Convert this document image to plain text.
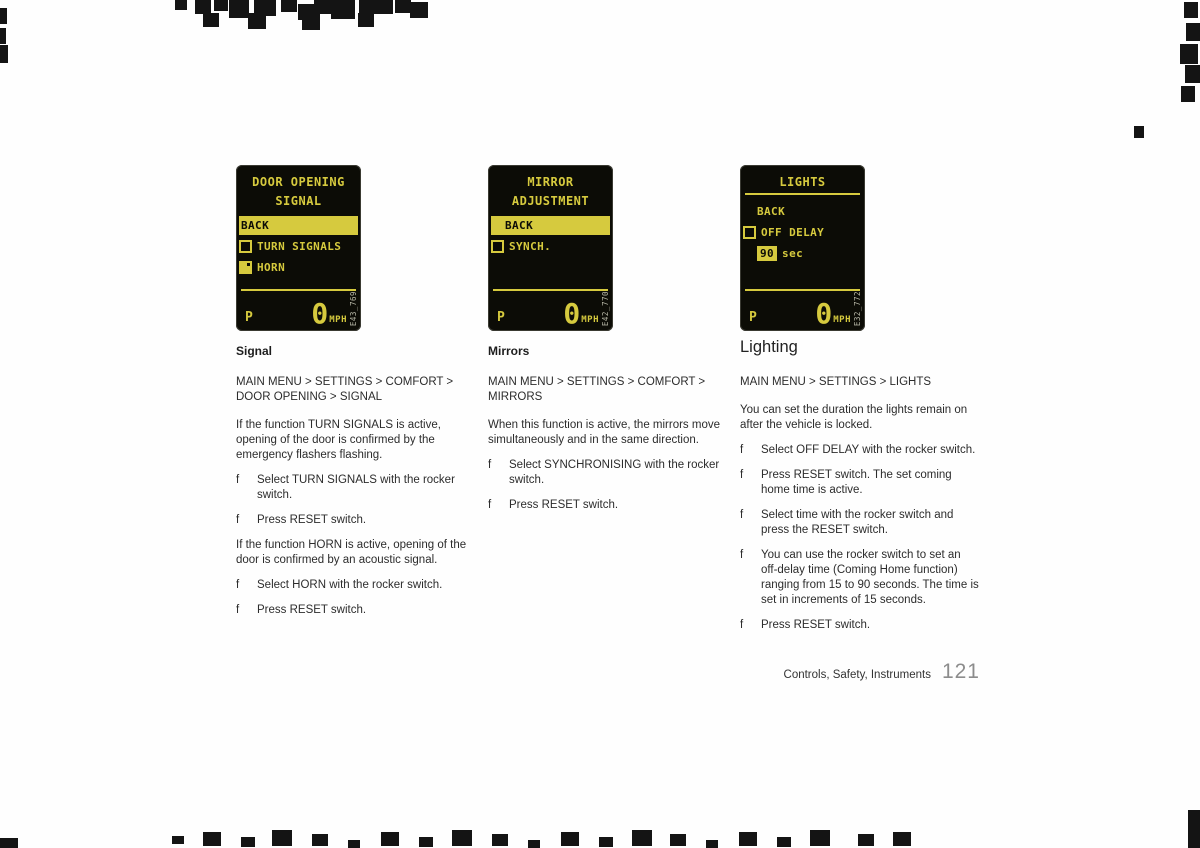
DOOR OPENING
SIGNAL
BACK
TURN SIGNALS
HORN
P 0 MPH E43_769
MIRROR
ADJUSTMENT
BACK
SYNCH.
P 0 MPH E42_770
LIGHTS
BACK
OFF DELAY
90 sec
P 0 MPH E32_772
Signal
MAIN MENU > SETTINGS > COMFORT > DOOR OPENING > SIGNAL
If the function TURN SIGNALS is active, opening of the door is confirmed by the emergency flashers flashing.
f	Select TURN SIGNALS with the rocker switch.
f	Press RESET switch.
If the function HORN is active, opening of the door is confirmed by an acoustic signal.
f	Select HORN with the rocker switch.
f	Press RESET switch.
Mirrors
MAIN MENU > SETTINGS > COMFORT > MIRRORS
When this function is active, the mirrors move simultaneously and in the same direction.
f	Select SYNCHRONISING with the rocker switch.
f	Press RESET switch.
Lighting
MAIN MENU > SETTINGS > LIGHTS
You can set the duration the lights remain on after the vehicle is locked.
f	Select OFF DELAY with the rocker switch.
f	Press RESET switch. The set coming home time is active.
f	Select time with the rocker switch and press the RESET switch.
f	You can use the rocker switch to set an off-delay time (Coming Home function) ranging from 15 to 90 seconds. The time is set in increments of 15 seconds.
f	Press RESET switch.
Controls, Safety, Instruments 121
